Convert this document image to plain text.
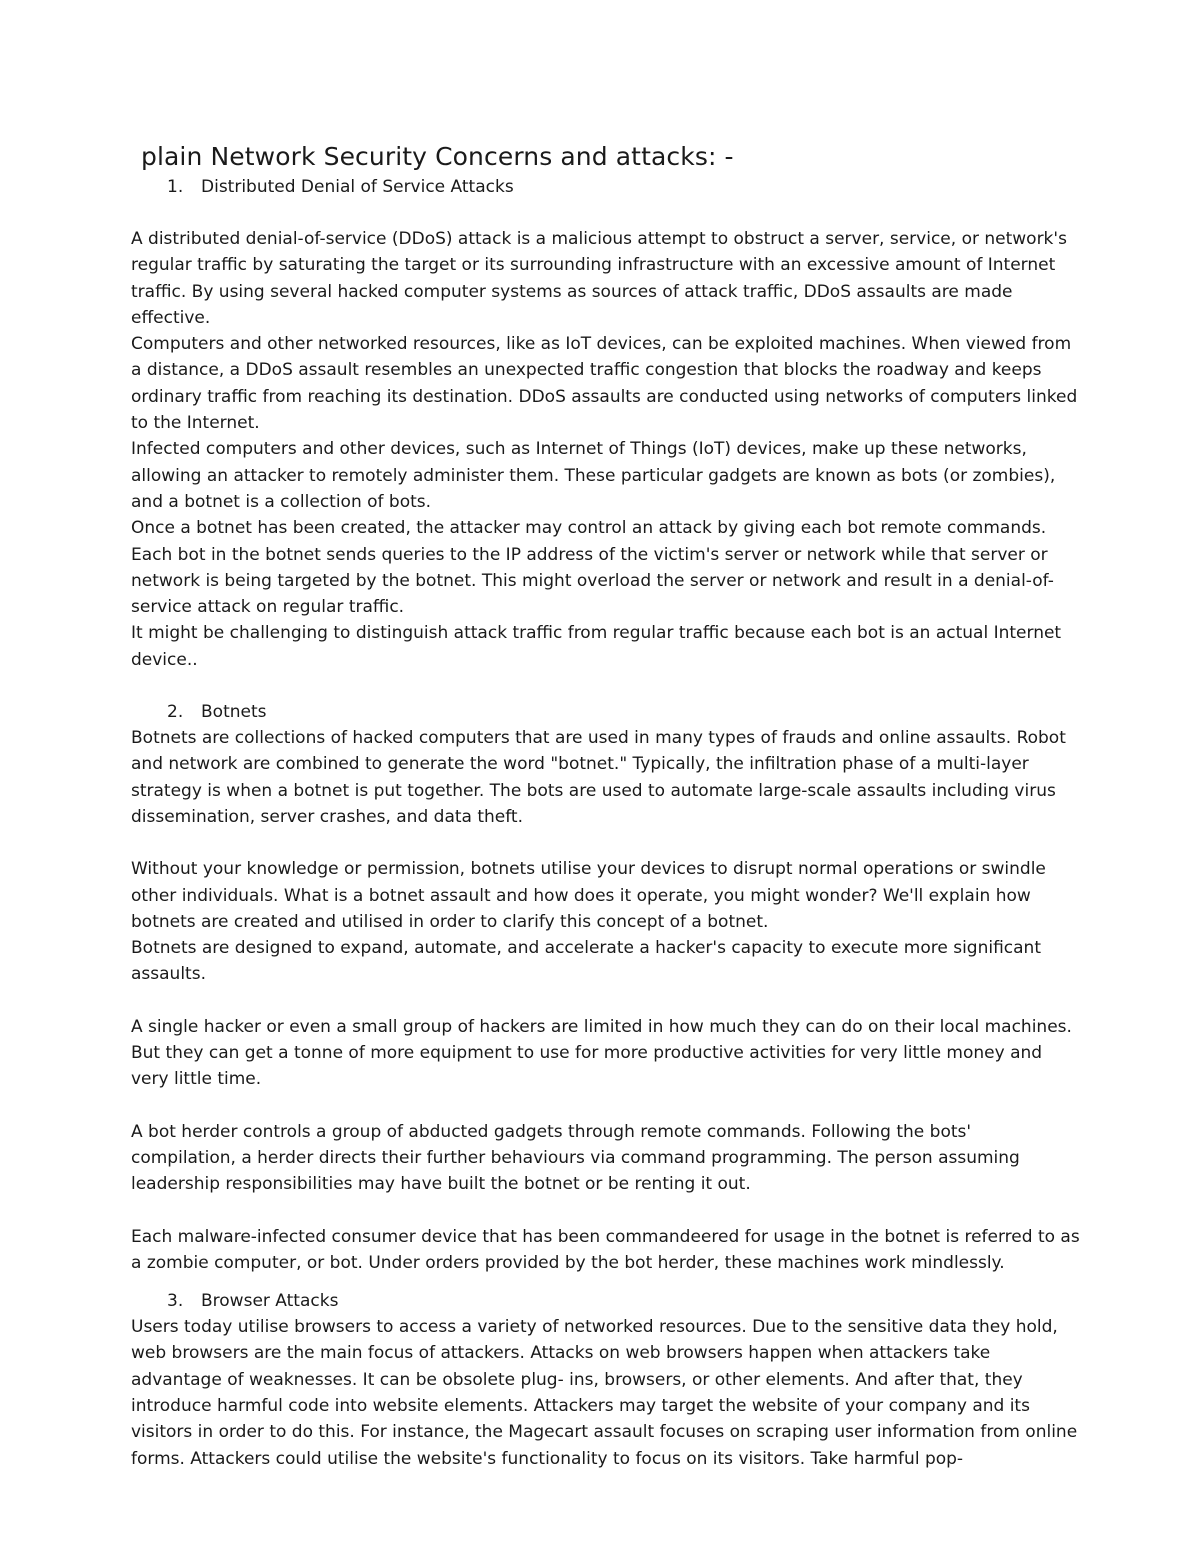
plain Network Security Concerns and attacks: -
1.	Distributed Denial of Service Attacks

A distributed denial-of-service (DDoS) attack is a malicious attempt to obstruct a server, service, or network's regular traffic by saturating the target or its surrounding infrastructure with an excessive amount of Internet traffic. By using several hacked computer systems as sources of attack traffic, DDoS assaults are made effective.

Computers and other networked resources, like as IoT devices, can be exploited machines. When viewed from a distance, a DDoS assault resembles an unexpected traffic congestion that blocks the roadway and keeps ordinary traffic from reaching its destination. DDoS assaults are conducted using networks of computers linked to the Internet.

Infected computers and other devices, such as Internet of Things (IoT) devices, make up these networks, allowing an attacker to remotely administer them. These particular gadgets are known as bots (or zombies), and a botnet is a collection of bots.

Once a botnet has been created, the attacker may control an attack by giving each bot remote commands. Each bot in the botnet sends queries to the IP address of the victim's server or network while that server or network is being targeted by the botnet. This might overload the server or network and result in a denial-of-service attack on regular traffic.

It might be challenging to distinguish attack traffic from regular traffic because each bot is an actual Internet device..

2.	Botnets

Botnets are collections of hacked computers that are used in many types of frauds and online assaults. Robot and network are combined to generate the word "botnet." Typically, the infiltration phase of a multi-layer strategy is when a botnet is put together. The bots are used to automate large-scale assaults including virus dissemination, server crashes, and data theft.

Without your knowledge or permission, botnets utilise your devices to disrupt normal operations or swindle other individuals. What is a botnet assault and how does it operate, you might wonder? We'll explain how botnets are created and utilised in order to clarify this concept of a botnet.

Botnets are designed to expand, automate, and accelerate a hacker's capacity to execute more significant assaults.

A single hacker or even a small group of hackers are limited in how much they can do on their local machines. But they can get a tonne of more equipment to use for more productive activities for very little money and very little time.

A bot herder controls a group of abducted gadgets through remote commands. Following the bots' compilation, a herder directs their further behaviours via command programming. The person assuming leadership responsibilities may have built the botnet or be renting it out.

Each malware-infected consumer device that has been commandeered for usage in the botnet is referred to as a zombie computer, or bot. Under orders provided by the bot herder, these machines work mindlessly.

3.	Browser Attacks

Users today utilise browsers to access a variety of networked resources. Due to the sensitive data they hold, web browsers are the main focus of attackers. Attacks on web browsers happen when attackers take advantage of weaknesses. It can be obsolete plug- ins, browsers, or other elements. And after that, they introduce harmful code into website elements. Attackers may target the website of your company and its visitors in order to do this. For instance, the Magecart assault focuses on scraping user information from online forms. Attackers could utilise the website's functionality to focus on its visitors. Take harmful pop-
